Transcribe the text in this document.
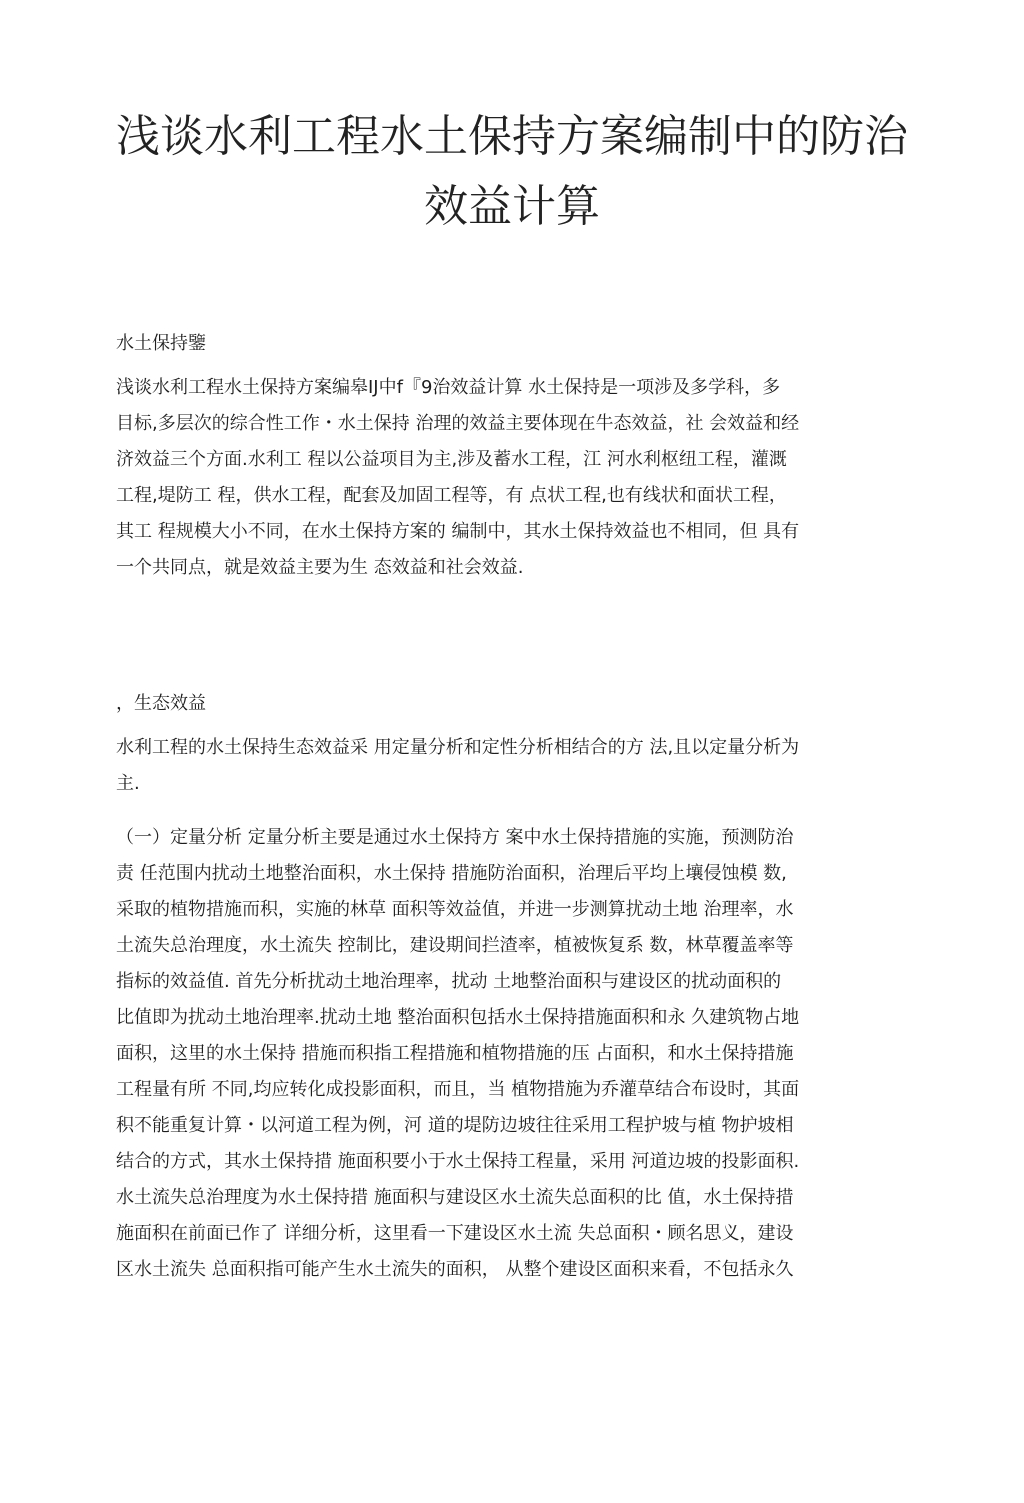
浅谈水利工程水土保持方案编制中的防治
效益计算

水土保持鑒

浅谈水利工程水土保持方案编皋IJ中f『9治效益计算 水土保持是一项涉及多学科，多
目标,多层次的综合性工作・水土保持 治理的效益主要体现在牛态效益，社 会效益和经
济效益三个方面.水利工 程以公益项目为主,涉及蓄水工程，江 河水利枢纽工程，灌溉
工程,堤防工 程，供水工程，配套及加固工程等，有 点状工程,也有线状和面状工程，
其工 程规模大小不同，在水土保持方案的 编制中，其水土保持效益也不相同，但 具有
一个共同点，就是效益主要为生 态效益和社会效益.

，生态效益

水利工程的水土保持生态效益采 用定量分析和定性分析相结合的方 法,且以定量分析为
主.

（一）定量分析 定量分析主要是通过水土保持方 案中水土保持措施的实施，预测防治
责 任范围内扰动土地整治面积，水土保持 措施防治面积，治理后平均上壤侵蚀模 数,
采取的植物措施而积，实施的林草 面积等效益值，并进一步测算扰动土地 治理率，水
土流失总治理度，水土流失 控制比，建设期间拦渣率，植被恢复系 数，林草覆盖率等
指标的效益值. 首先分析扰动土地治理率，扰动 土地整治面积与建设区的扰动面积的
比值即为扰动土地治理率.扰动土地 整治面积包括水土保持措施面积和永 久建筑物占地
面积，这里的水土保持 措施而积指工程措施和植物措施的压 占面积，和水土保持措施
工程量有所 不同,均应转化成投影面积，而且，当 植物措施为乔灌草结合布设时，其面
积不能重复计算・以河道工程为例，河 道的堤防边坡往往采用工程护坡与植 物护坡相
结合的方式，其水土保持措 施面积要小于水土保持工程量，采用 河道边坡的投影面积.
水土流失总治理度为水土保持措 施面积与建设区水土流失总面积的比 值，水土保持措
施面积在前面已作了 详细分析，这里看一下建设区水土流 失总面积・顾名思义，建设
区水土流失 总面积指可能产生水土流失的面积， 从整个建设区面积来看，不包括永久
